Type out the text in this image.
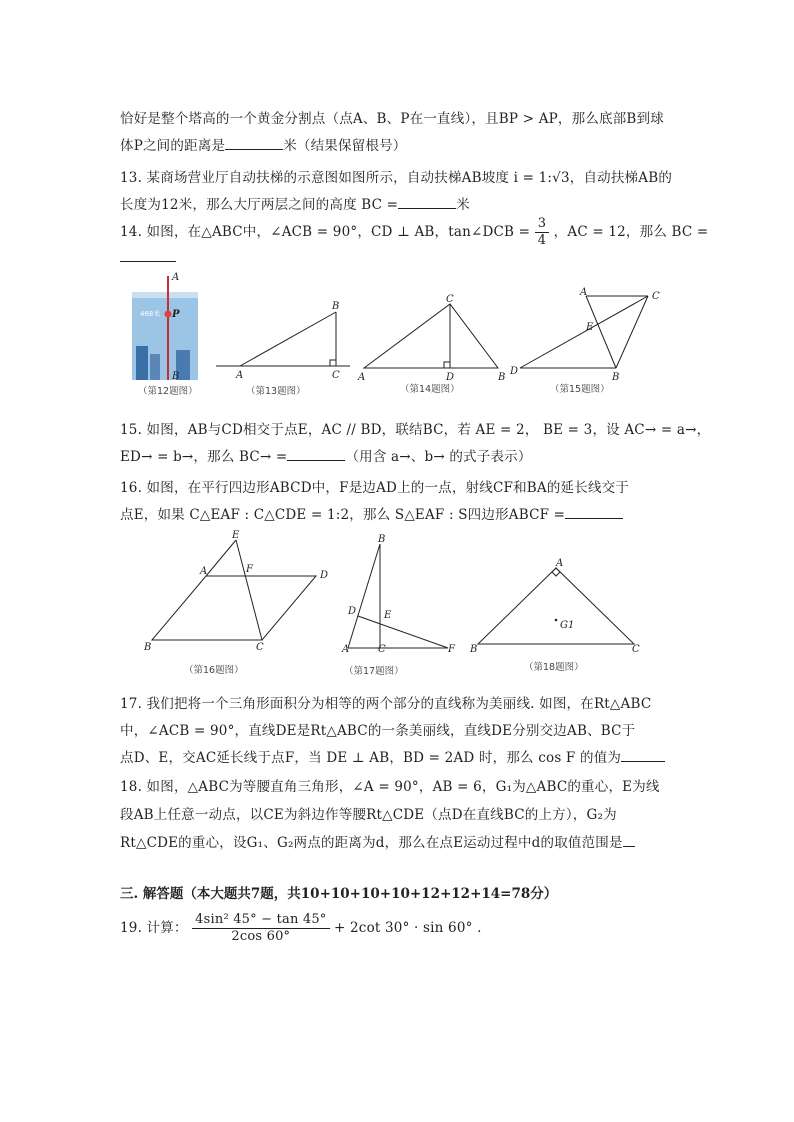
恰好是整个塔高的一个黄金分割点（点A、B、P在一直线），且BP > AP，那么底部B到球
体P之间的距离是	米（结果保留根号）
13. 某商场营业厅自动扶梯的示意图如图所示，自动扶梯AB坡度 i = 1:√3，自动扶梯AB的
长度为12米，那么大厅两层之间的高度 BC =	米
14. 如图，在△ABC中，∠ACB = 90°，CD ⊥ AB，tan∠DCB = $\frac{3}{4}$ ，AC = 12，那么 BC =
A
P
468米
B
（第12题图）
A
B
C
（第13题图）
A	B
C
D
（第14题图）
A
B
C
D
E
（第15题图）
15. 如图，AB与CD相交于点E，AC // BD，联结BC，若 AE = 2， BE = 3，设 AC→ = a→，
ED→ = b→，那么 BC→ =	（用含 a→、b→ 的式子表示）
16. 如图，在平行四边形ABCD中，F是边AD上的一点，射线CF和BA的延长线交于
点E，如果 C△EAF : C△CDE = 1:2，那么 S△EAF : S四边形ABCF =
A
B	C
D
E
F
（第16题图）
B
A	C
D	E
F
（第17题图）
A
B	C
G1
（第18题图）
17. 我们把将一个三角形面积分为相等的两个部分的直线称为美丽线. 如图，在Rt△ABC
中，∠ACB = 90°，直线DE是Rt△ABC的一条美丽线，直线DE分别交边AB、BC于
点D、E，交AC延长线于点F，当 DE ⊥ AB，BD = 2AD 时，那么 cos F 的值为
18. 如图，△ABC为等腰直角三角形，∠A = 90°，AB = 6，G₁为△ABC的重心，E为线
段AB上任意一动点，以CE为斜边作等腰Rt△CDE（点D在直线BC的上方），G₂为
Rt△CDE的重心，设G₁、G₂两点的距离为d，那么在点E运动过程中d的取值范围是
三. 解答题（本大题共7题，共10+10+10+10+12+12+14=78分）
19. 计算： $\frac{\text{4sin² 45° − tan 45°}}{2\cos 60^\circ} + 2\cot$ 30° · sin 60° .
